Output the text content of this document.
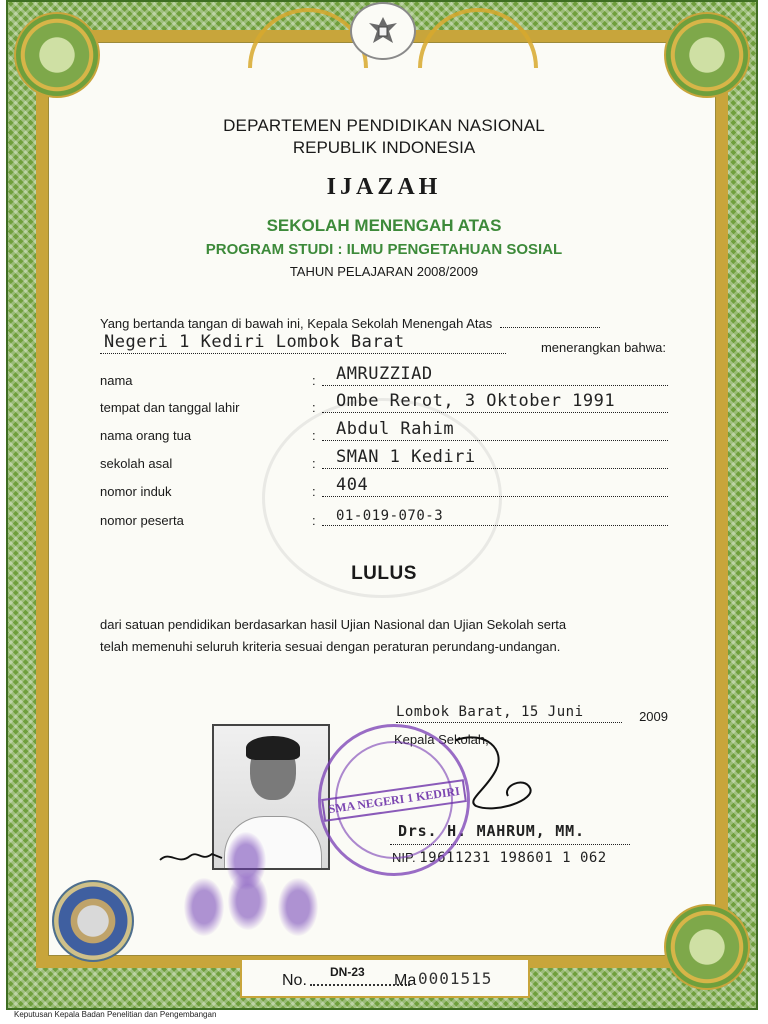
DEPARTEMEN PENDIDIKAN NASIONAL
REPUBLIK INDONESIA
IJAZAH
SEKOLAH MENENGAH ATAS
PROGRAM STUDI : ILMU PENGETAHUAN SOSIAL
TAHUN PELAJARAN 2008/2009
Yang bertanda tangan di bawah ini, Kepala Sekolah Menengah Atas
Negeri 1 Kediri Lombok Barat	menerangkan bahwa:
nama	: AMRUZZIAD
tempat dan tanggal lahir	: Ombe Rerot, 3 Oktober 1991
nama orang tua	: Abdul Rahim
sekolah asal	: SMAN 1 Kediri
nomor induk	: 404
nomor peserta	: 01-019-070-3
LULUS
dari satuan pendidikan berdasarkan hasil Ujian Nasional dan Ujian Sekolah serta
telah memenuhi seluruh kriteria sesuai dengan peraturan perundang-undangan.
Lombok Barat, 15 Juni	2009
Kepala Sekolah,
Drs. H. MAHRUM, MM.
NIP. 19611231 198601 1 062
SMA NEGERI 1 KEDIRI
No. DN-23 Ma 0001515
Keputusan Kepala Badan Penelitian dan Pengembangan
